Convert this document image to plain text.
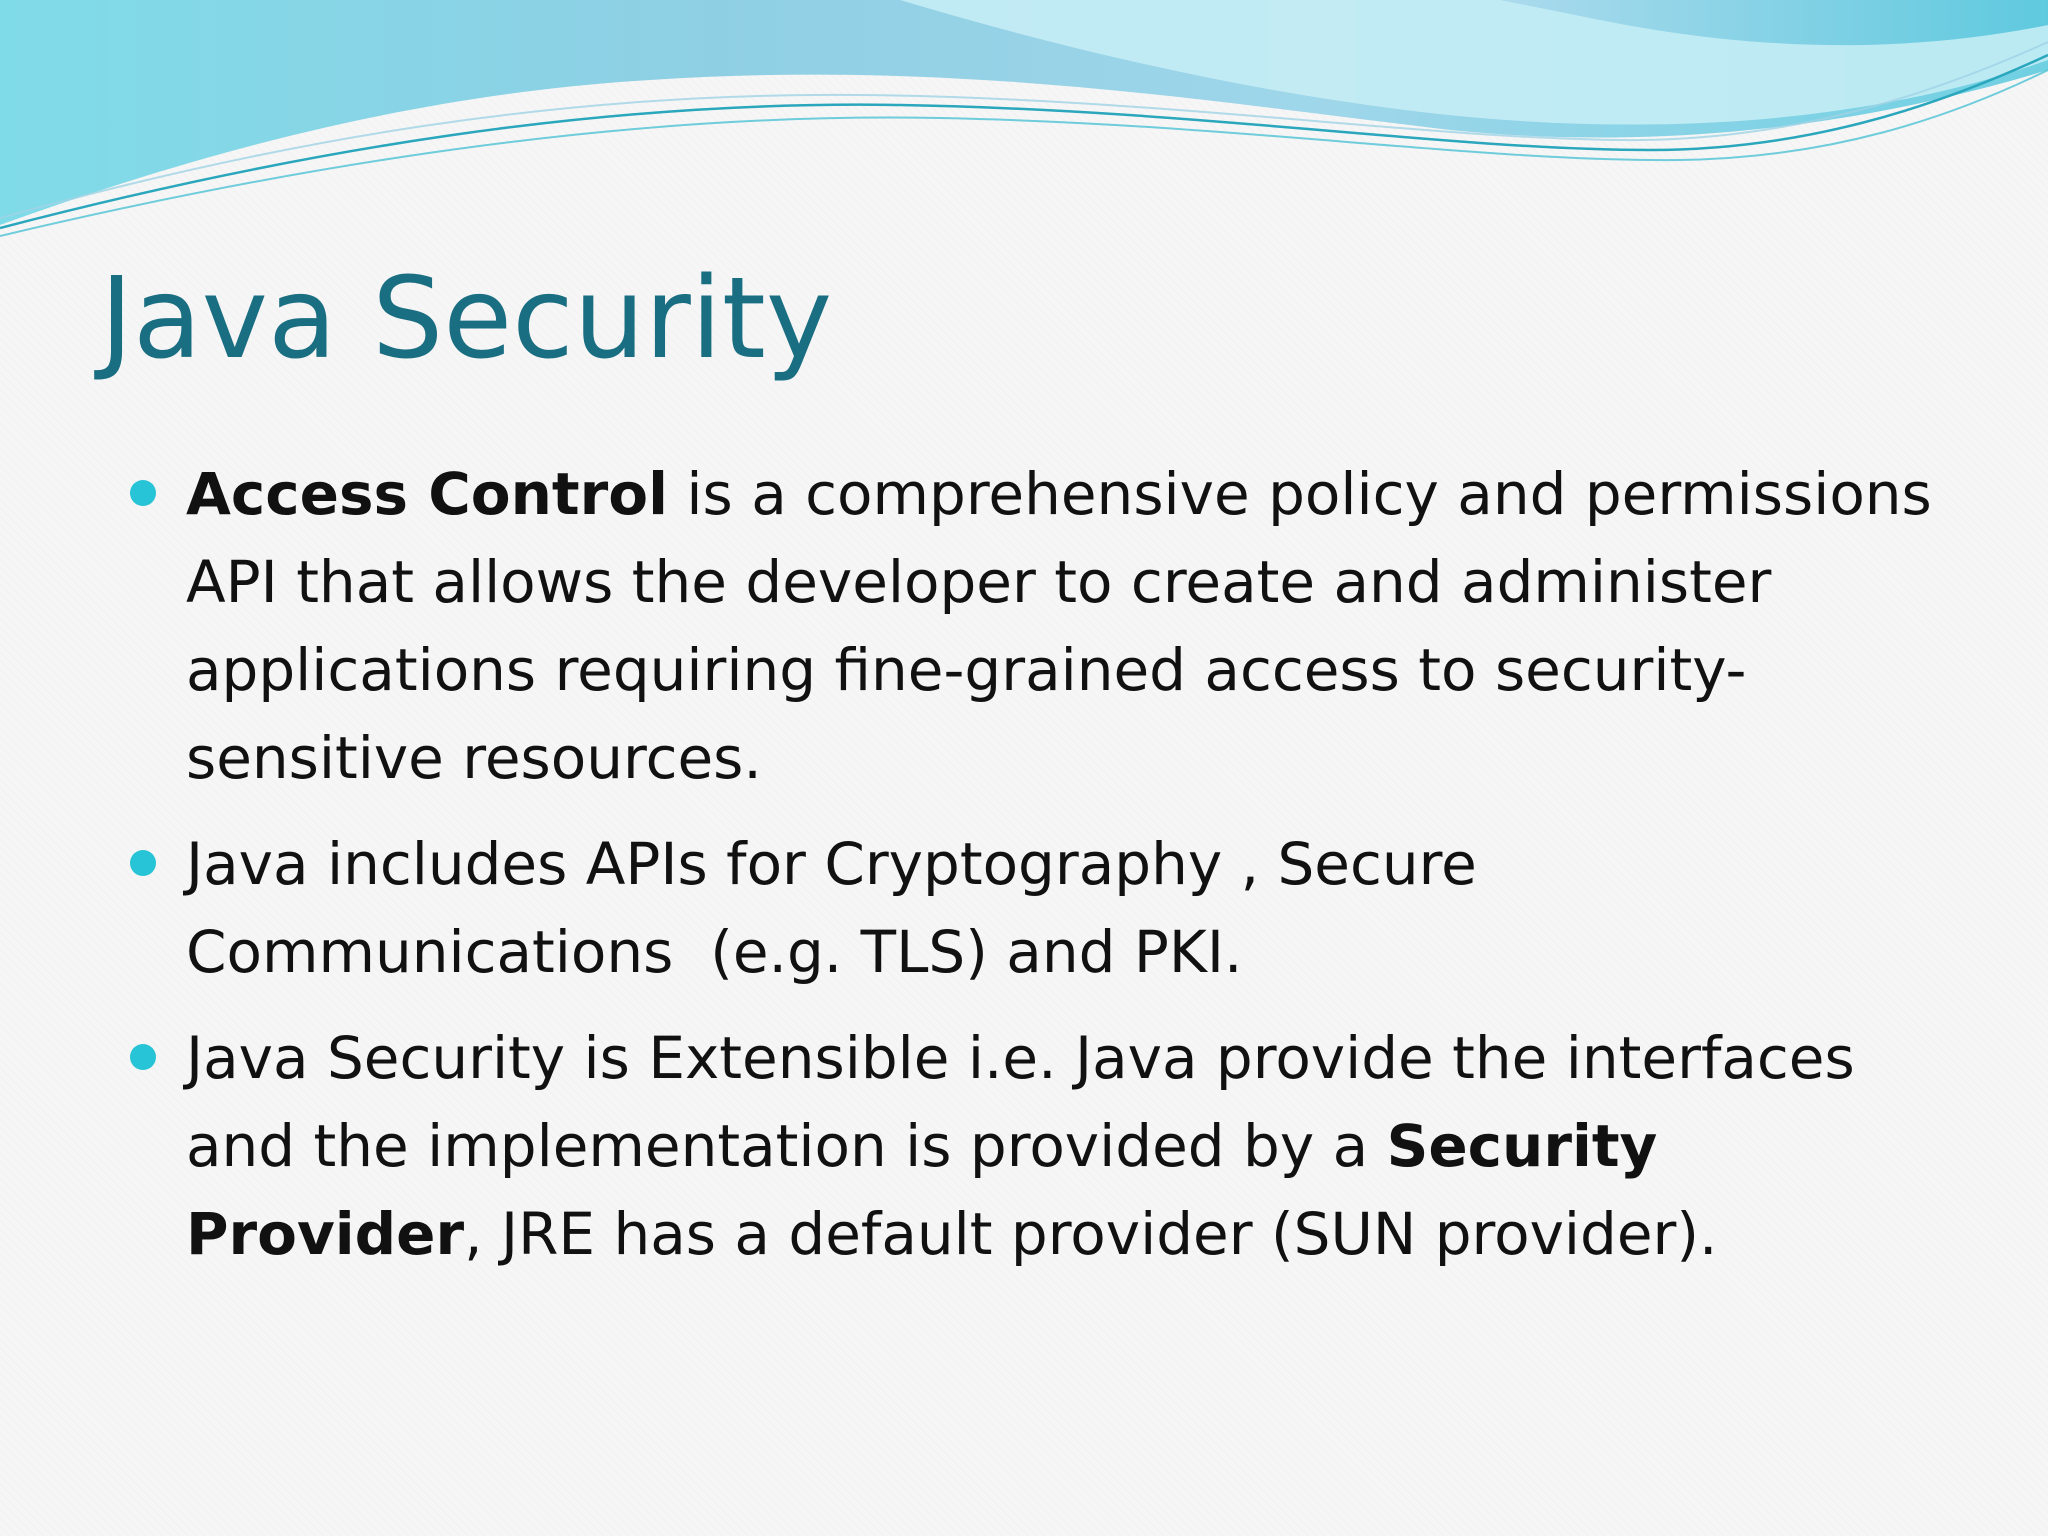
Java Security
Access Control is a comprehensive policy and permissions API that allows the developer to create and administer applications requiring fine-grained access to security-sensitive resources.
Java includes APIs for Cryptography , Secure Communications  (e.g. TLS) and PKI.
Java Security is Extensible i.e. Java provide the interfaces and the implementation is provided by a Security Provider, JRE has a default provider (SUN provider).
